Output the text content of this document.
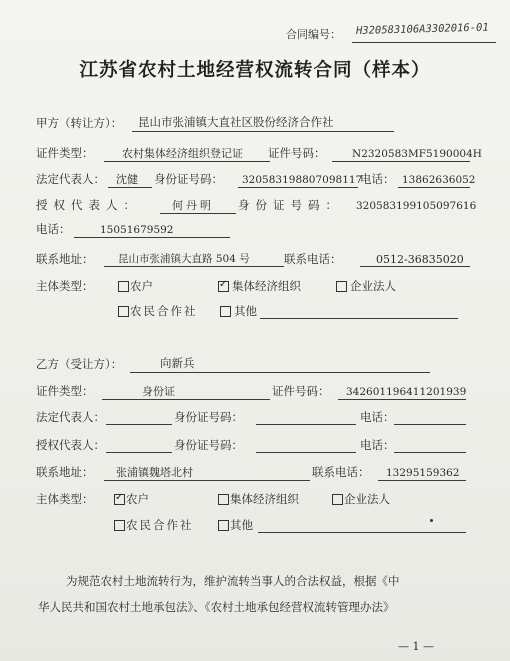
合同编号： H320583106A3302016-01
江苏省农村土地经营权流转合同（样本）
甲方（转让方）： 昆山市张浦镇大直社区股份经济合作社
证件类型：	农村集体经济组织登记证 证件号码：	N2320583MF5190004H
法定代表人： 沈健 身份证号码： 320583198807098117
电话： 13862636052
授权代表人：	何丹明 身份证号码： 320583199105097616
电话：	15051679592
联系地址： 昆山市张浦镇大直路 504 号	联系电话：	0512-36835020
主体类型：	农户 ✓	集体经济组织	企业法人
农民合作社	其他
乙方（受让方）：	向新兵
证件类型：	身份证	证件号码： 342601196411201939
法定代表人：	身份证号码：	电话：
授权代表人：	身份证号码：	电话：
联系地址： 张浦镇魏塔北村	联系电话： 13295159362
主体类型： ✓	农户	集体经济组织	企业法人
农民合作社	其他
为规范农村土地流转行为，维护流转当事人的合法权益，根据《中
华人民共和国农村土地承包法》、《农村土地承包经营权流转管理办法》
— 1 —
